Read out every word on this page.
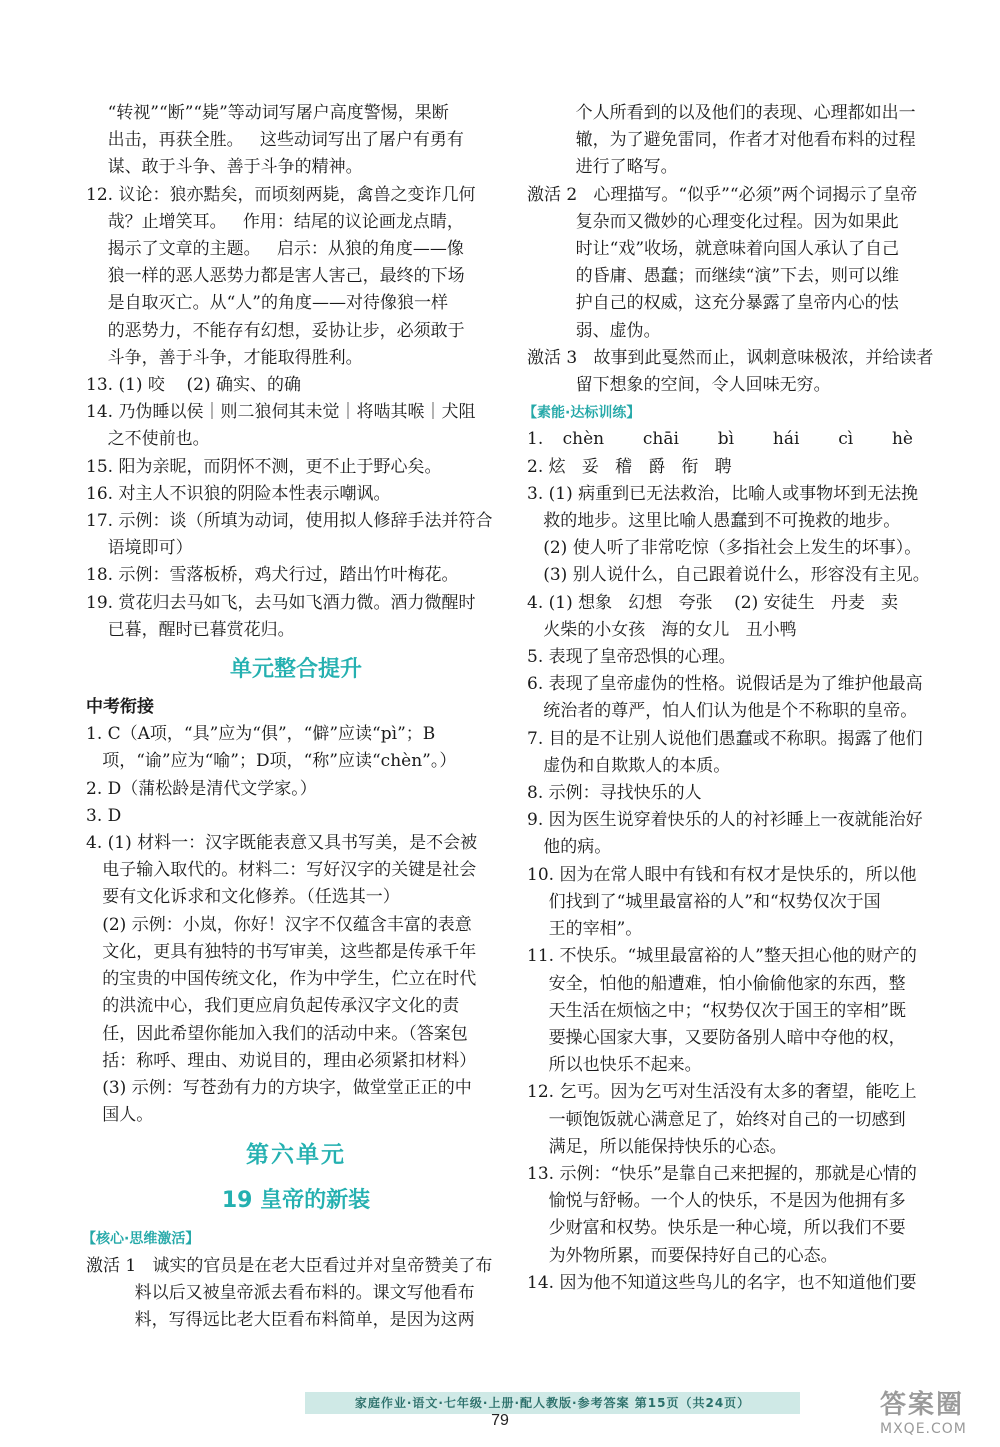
“转视”“断”“毙”等动词写屠户高度警惕，果断

出击，再获全胜。   这些动词写出了屠户有勇有

谋、敢于斗争、善于斗争的精神。

12. 议论：狼亦黠矣，而顷刻两毙，禽兽之变诈几何

哉？止增笑耳。   作用：结尾的议论画龙点睛，

揭示了文章的主题。   启示：从狼的角度——像

狼一样的恶人恶势力都是害人害己，最终的下场

是自取灭亡。从“人”的角度——对待像狼一样

的恶势力，不能存有幻想，妥协让步，必须敢于

斗争，善于斗争，才能取得胜利。

13. (1) 咬    (2) 确实、的确

14. 乃伪睡以侯｜则二狼伺其未觉｜将啮其喉｜犬阻

之不使前也。

15. 阳为亲昵，而阴怀不测，更不止于野心矣。

16. 对主人不识狼的阴险本性表示嘲讽。

17. 示例：谈（所填为动词，使用拟人修辞手法并符合

语境即可）

18. 示例：雪落板桥，鸡犬行过，踏出竹叶梅花。

19. 赏花归去马如飞，去马如飞酒力微。酒力微醒时

已暮，醒时已暮赏花归。

单元整合提升

中考衔接

1. C（A项，“具”应为“俱”，“僻”应读“pì”；B

项，“谕”应为“喻”；D项，“称”应读“chèn”。）

2. D（蒲松龄是清代文学家。）

3. D

4. (1) 材料一：汉字既能表意又具书写美，是不会被

电子输入取代的。材料二：写好汉字的关键是社会

要有文化诉求和文化修养。（任选其一）

(2) 示例：小岚，你好！汉字不仅蕴含丰富的表意

文化，更具有独特的书写审美，这些都是传承千年

的宝贵的中国传统文化，作为中学生，伫立在时代

的洪流中心，我们更应肩负起传承汉字文化的责

任，因此希望你能加入我们的活动中来。（答案包

括：称呼、理由、劝说目的，理由必须紧扣材料）

(3) 示例：写苍劲有力的方块字，做堂堂正正的中

国人。

第六单元
19 皇帝的新装
【核心·思维激活】

激活 1   诚实的官员是在老大臣看过并对皇帝赞美了布

料以后又被皇帝派去看布料的。课文写他看布

料，写得远比老大臣看布料简单，是因为这两

个人所看到的以及他们的表现、心理都如出一

辙，为了避免雷同，作者才对他看布料的过程

进行了略写。

激活 2   心理描写。“似乎”“必须”两个词揭示了皇帝

复杂而又微妙的心理变化过程。因为如果此

时让“戏”收场，就意味着向国人承认了自己

的昏庸、愚蠢；而继续“演”下去，则可以维

护自己的权威，这充分暴露了皇帝内心的怯

弱、虚伪。

激活 3   故事到此戛然而止，讽刺意味极浓，并给读者

留下想象的空间，令人回味无穷。

【素能·达标训练】

1. chèn  chāi  bì  hái  cì  hè

2. 炫   妥   稽   爵   衔   聘

3. (1) 病重到已无法救治，比喻人或事物坏到无法挽

救的地步。这里比喻人愚蠢到不可挽救的地步。

(2) 使人听了非常吃惊（多指社会上发生的坏事）。

(3) 别人说什么，自己跟着说什么，形容没有主见。

4. (1) 想象   幻想   夸张    (2) 安徒生   丹麦   卖

火柴的小女孩   海的女儿   丑小鸭

5. 表现了皇帝恐惧的心理。

6. 表现了皇帝虚伪的性格。说假话是为了维护他最高

统治者的尊严，怕人们认为他是个不称职的皇帝。

7. 目的是不让别人说他们愚蠢或不称职。揭露了他们

虚伪和自欺欺人的本质。

8. 示例：寻找快乐的人

9. 因为医生说穿着快乐的人的衬衫睡上一夜就能治好

他的病。

10. 因为在常人眼中有钱和有权才是快乐的，所以他

们找到了“城里最富裕的人”和“权势仅次于国

王的宰相”。

11. 不快乐。“城里最富裕的人”整天担心他的财产的

安全，怕他的船遭难，怕小偷偷他家的东西，整

天生活在烦恼之中；“权势仅次于国王的宰相”既

要操心国家大事，又要防备别人暗中夺他的权，

所以也快乐不起来。

12. 乞丐。因为乞丐对生活没有太多的奢望，能吃上

一顿饱饭就心满意足了，始终对自己的一切感到

满足，所以能保持快乐的心态。

13. 示例：“快乐”是靠自己来把握的，那就是心情的

愉悦与舒畅。一个人的快乐，不是因为他拥有多

少财富和权势。快乐是一种心境，所以我们不要

为外物所累，而要保持好自己的心态。

14. 因为他不知道这些鸟儿的名字，也不知道他们要

家庭作业·语文·七年级·上册·配人教版·参考答案 第15页（共24页）
79
答案圈
MXQE.COM
